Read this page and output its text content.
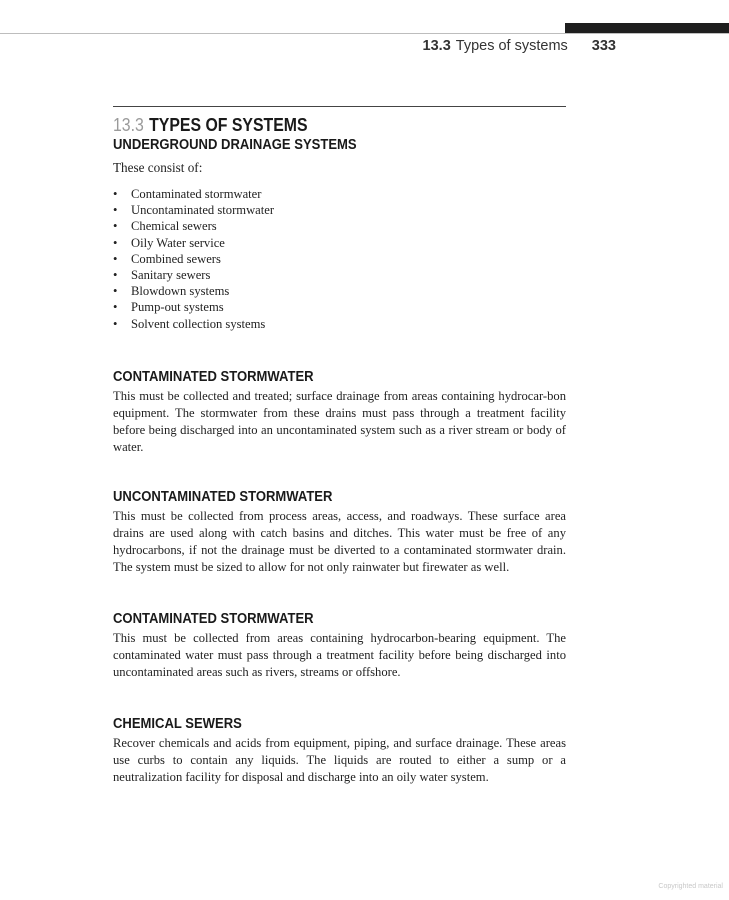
13.3 Types of systems 333
13.3 TYPES OF SYSTEMS
UNDERGROUND DRAINAGE SYSTEMS

These consist of:

• Contaminated stormwater
• Uncontaminated stormwater
• Chemical sewers
• Oily Water service
• Combined sewers
• Sanitary sewers
• Blowdown systems
• Pump-out systems
• Solvent collection systems
CONTAMINATED STORMWATER

This must be collected and treated; surface drainage from areas containing hydrocar-bon equipment. The stormwater from these drains must pass through a treatment facility before being discharged into an uncontaminated system such as a river stream or body of water.

UNCONTAMINATED STORMWATER

This must be collected from process areas, access, and roadways. These surface area drains are used along with catch basins and ditches. This water must be free of any hydrocarbons, if not the drainage must be diverted to a contaminated stormwater drain. The system must be sized to allow for not only rainwater but firewater as well.

CONTAMINATED STORMWATER

This must be collected from areas containing hydrocarbon-bearing equipment. The contaminated water must pass through a treatment facility before being discharged into uncontaminated areas such as rivers, streams or offshore.

CHEMICAL SEWERS

Recover chemicals and acids from equipment, piping, and surface drainage. These areas use curbs to contain any liquids. The liquids are routed to either a sump or a neutralization facility for disposal and discharge into an oily water system.

Copyrighted material
